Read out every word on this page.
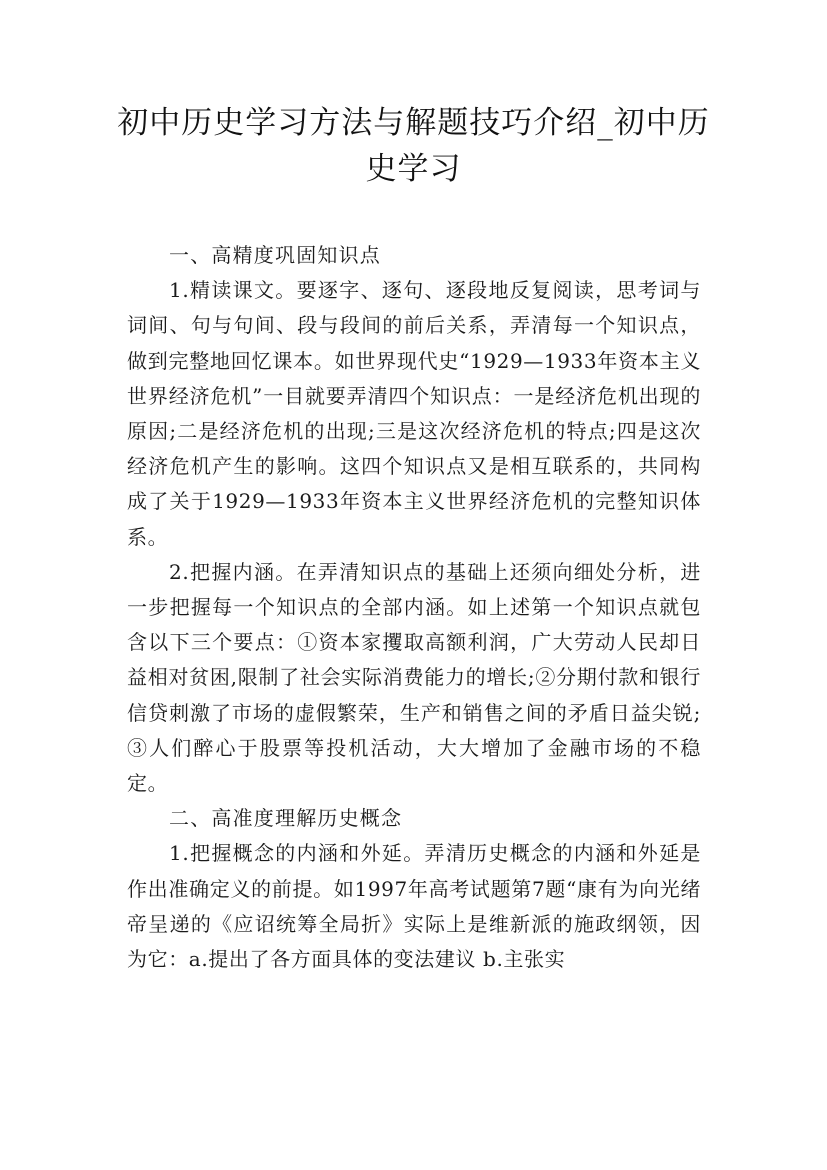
初中历史学习方法与解题技巧介绍_初中历史学习

一、高精度巩固知识点

1.精读课文。要逐字、逐句、逐段地反复阅读，思考词与词间、句与句间、段与段间的前后关系，弄清每一个知识点，做到完整地回忆课本。如世界现代史“1929—1933年资本主义世界经济危机”一目就要弄清四个知识点：一是经济危机出现的原因;二是经济危机的出现;三是这次经济危机的特点;四是这次经济危机产生的影响。这四个知识点又是相互联系的，共同构成了关于1929—1933年资本主义世界经济危机的完整知识体系。

2.把握内涵。在弄清知识点的基础上还须向细处分析，进一步把握每一个知识点的全部内涵。如上述第一个知识点就包含以下三个要点：①资本家攫取高额利润，广大劳动人民却日益相对贫困,限制了社会实际消费能力的增长;②分期付款和银行信贷刺激了市场的虚假繁荣，生产和销售之间的矛盾日益尖锐;③人们醉心于股票等投机活动，大大增加了金融市场的不稳定。

二、高准度理解历史概念

1.把握概念的内涵和外延。弄清历史概念的内涵和外延是作出准确定义的前提。如1997年高考试题第7题“康有为向光绪帝呈递的《应诏统筹全局折》实际上是维新派的施政纲领，因为它：a.提出了各方面具体的变法建议 b.主张实
